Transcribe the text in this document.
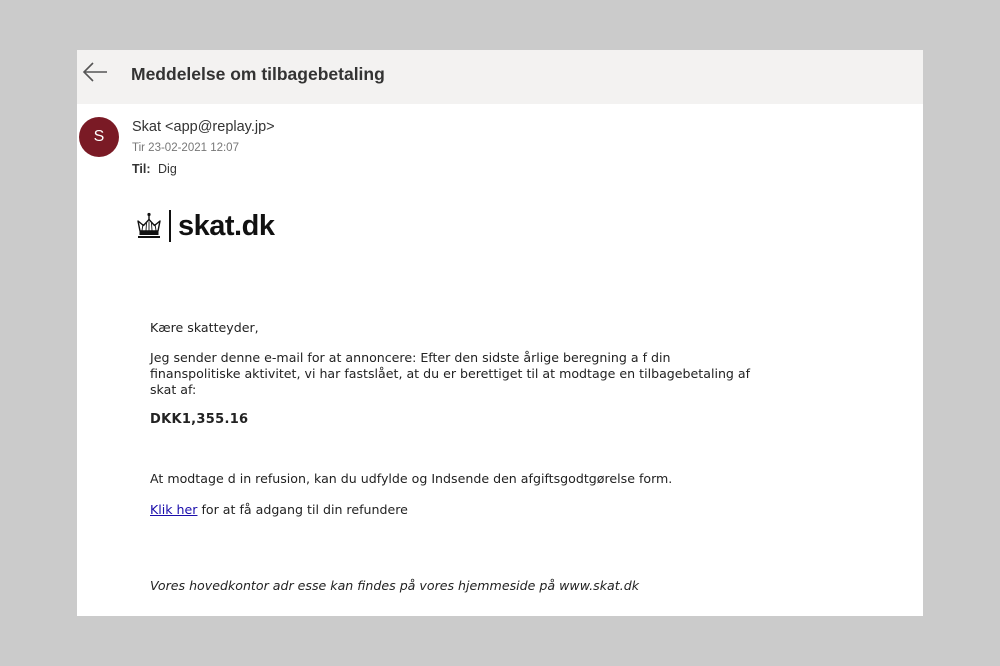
Meddelelse om tilbagebetaling
S
Skat <app@replay.jp>
Tir 23-02-2021 12:07
Til: Dig
skat.dk
Kære skatteyder,
Jeg sender denne e-mail for at annoncere: Efter den sidste årlige beregning a f din
finanspolitiske aktivitet, vi har fastslået, at du er berettiget til at modtage en tilbagebetaling af
skat af:
DKK1,355.16
At modtage d in refusion, kan du udfylde og Indsende den afgiftsgodtgørelse form.
Klik her for at få adgang til din refundere
Vores hovedkontor adr esse kan findes på vores hjemmeside på www.skat.dk
